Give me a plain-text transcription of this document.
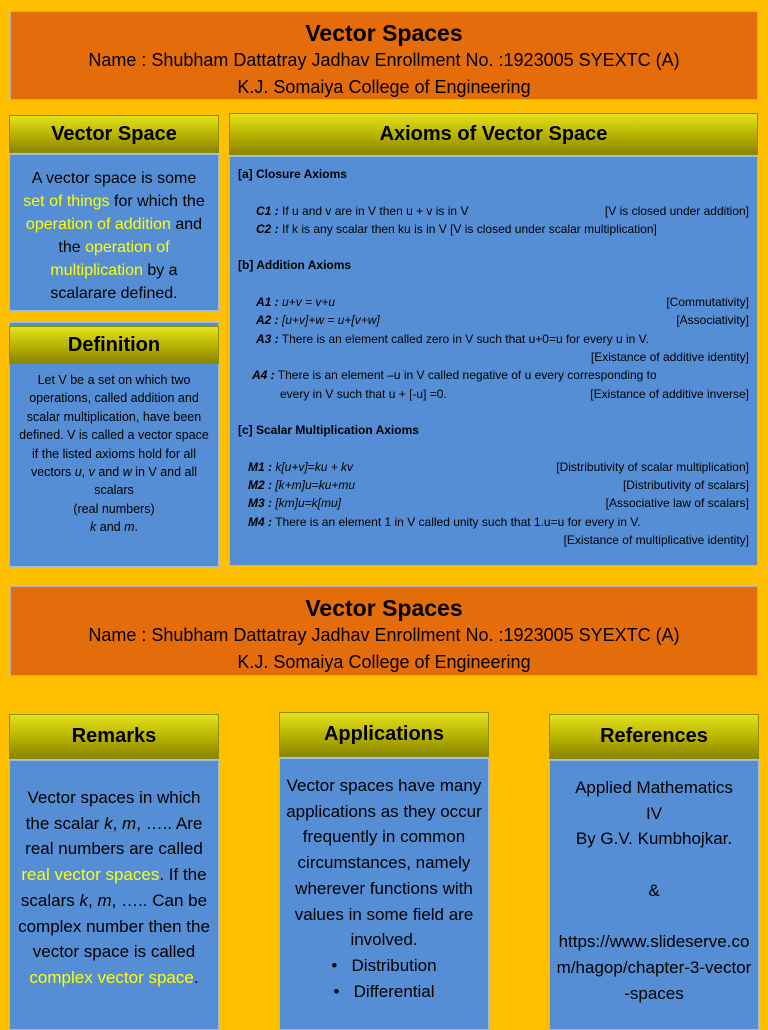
Vector Spaces
Name : Shubham Dattatray Jadhav Enrollment No. :1923005 SYEXTC (A)
K.J. Somaiya College of Engineering
Vector Space
A vector space is some set of things for which the operation of addition and the operation of multiplication by a scalarare defined.
Definition
Let V be a set on which two operations, called addition and scalar multiplication, have been defined. V is called a vector space if the listed axioms hold for all vectors u, v and w in V and all scalars
(real numbers)
k and m.
Axioms of Vector Space
[a] Closure Axioms
C1 : If u and v are in V then u + v is in V	[V is closed under addition]
C2 : If k is any scalar then ku is in V [V is closed under scalar multiplication]
[b] Addition Axioms
A1 : u+v = v+u	[Commutativity]
A2 : [u+v]+w = u+[v+w]	[Associativity]
A3 : There is an element called zero in V such that u+0=u for every u in V.
[Existance of additive identity]
A4 : There is an element –u in V called negative of u every corresponding to
every in V such that u + [-u] =0.	[Existance of additive inverse]
[c] Scalar Multiplication Axioms
M1 : k[u+v]=ku + kv	[Distributivity of scalar multiplication]
M2 : [k+m]u=ku+mu	[Distributivity of scalars]
M3 : [km]u=k[mu]	[Associative law of scalars]
M4 : There is an element 1 in V called unity such that 1.u=u for every in V.
[Existance of multiplicative identity]
Vector Spaces
Name : Shubham Dattatray Jadhav Enrollment No. :1923005 SYEXTC (A)
K.J. Somaiya College of Engineering
Remarks
Vector spaces in which the scalar k, m, ….. Are real numbers are called real vector spaces. If the scalars k, m, ….. Can be complex number then the vector space is called complex vector space.
Applications
Vector spaces have many applications as they occur frequently in common circumstances, namely wherever functions with values in some field are involved.
• Distribution
• Differential
References
Applied Mathematics
IV
By G.V. Kumbhojkar.

&

https://www.slideserve.com/hagop/chapter-3-vector-spaces
